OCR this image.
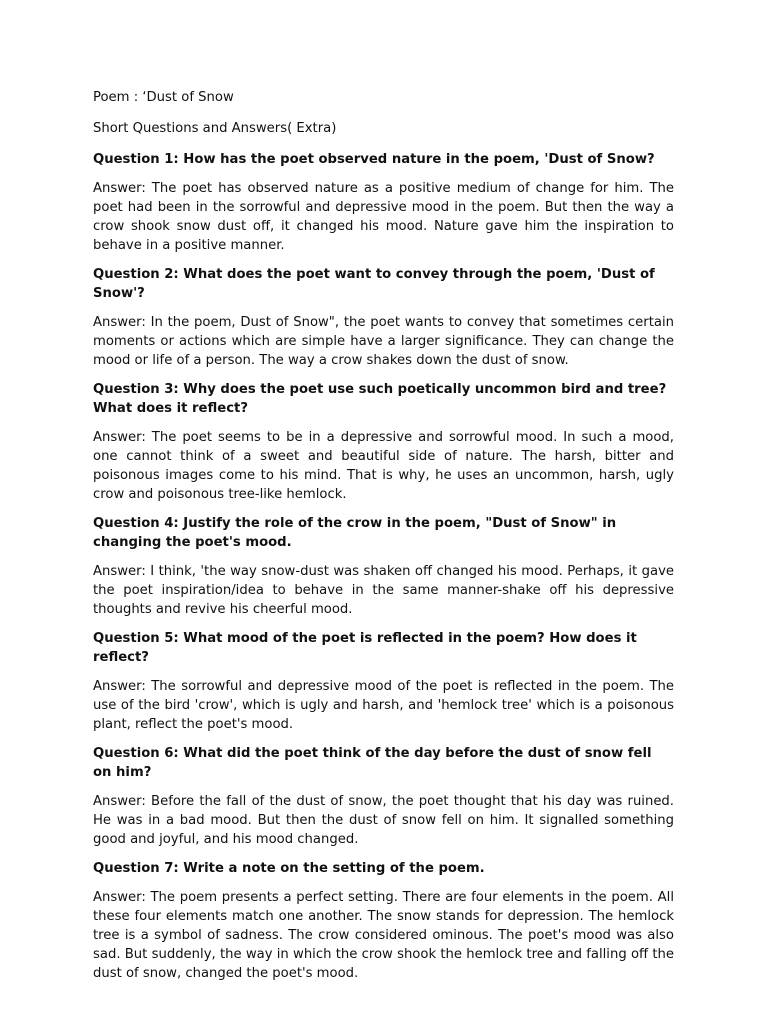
Poem : ‘Dust of Snow

Short Questions and Answers( Extra)

Question 1: How has the poet observed nature in the poem, 'Dust of Snow?

Answer: The poet has observed nature as a positive medium of change for him. The poet had been in the sorrowful and depressive mood in the poem. But then the way a crow shook snow dust off, it changed his mood. Nature gave him the inspiration to behave in a positive manner.

Question 2: What does the poet want to convey through the poem, 'Dust of Snow'?

Answer: In the poem, Dust of Snow", the poet wants to convey that sometimes certain moments or actions which are simple have a larger significance. They can change the mood or life of a person. The way a crow shakes down the dust of snow.

Question 3: Why does the poet use such poetically uncommon bird and tree? What does it reflect?

Answer: The poet seems to be in a depressive and sorrowful mood. In such a mood, one cannot think of a sweet and beautiful side of nature. The harsh, bitter and poisonous images come to his mind. That is why, he uses an uncommon, harsh, ugly crow and poisonous tree-like hemlock.

Question 4: Justify the role of the crow in the poem, "Dust of Snow" in changing the poet's mood.

Answer: I think, 'the way snow-dust was shaken off changed his mood. Perhaps, it gave the poet inspiration/idea to behave in the same manner-shake off his depressive thoughts and revive his cheerful mood.

Question 5: What mood of the poet is reflected in the poem? How does it reflect?

Answer: The sorrowful and depressive mood of the poet is reflected in the poem. The use of the bird 'crow', which is ugly and harsh, and 'hemlock tree' which is a poisonous plant, reflect the poet's mood.

Question 6: What did the poet think of the day before the dust of snow fell on him?

Answer: Before the fall of the dust of snow, the poet thought that his day was ruined. He was in a bad mood. But then the dust of snow fell on him. It signalled something good and joyful, and his mood changed.

Question 7: Write a note on the setting of the poem.

Answer: The poem presents a perfect setting. There are four elements in the poem. All these four elements match one another. The snow stands for depression. The hemlock tree is a symbol of sadness. The crow considered ominous. The poet's mood was also sad. But suddenly, the way in which the crow shook the hemlock tree and falling off the dust of snow, changed the poet's mood.
